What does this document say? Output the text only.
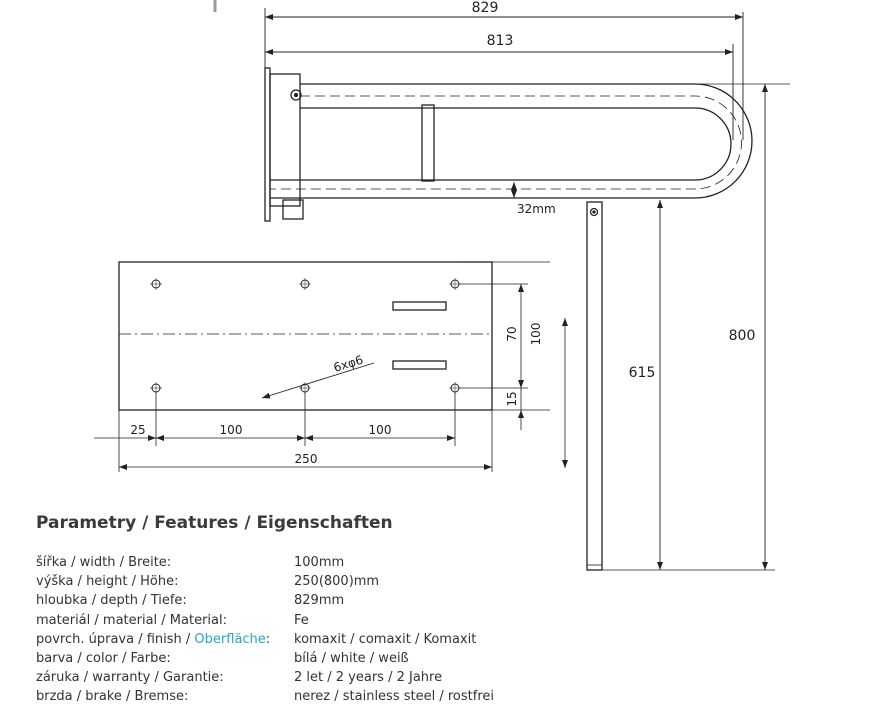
829
813
32mm
615
800
6xφ6
70 100
15
25	100	100
250
Parametry / Features / Eigenschaften
šířka / width / Breite:	100mm
výška / height / Höhe:	250(800)mm
hloubka / depth / Tiefe:	829mm
materiál / material / Material:	Fe
povrch. úprava / finish / Oberfläche: komaxit / comaxit / Komaxit
barva / color / Farbe:	bílá / white / weiß
záruka / warranty / Garantie:	2 let / 2 years / 2 Jahre
brzda / brake / Bremse:	nerez / stainless steel / rostfrei
